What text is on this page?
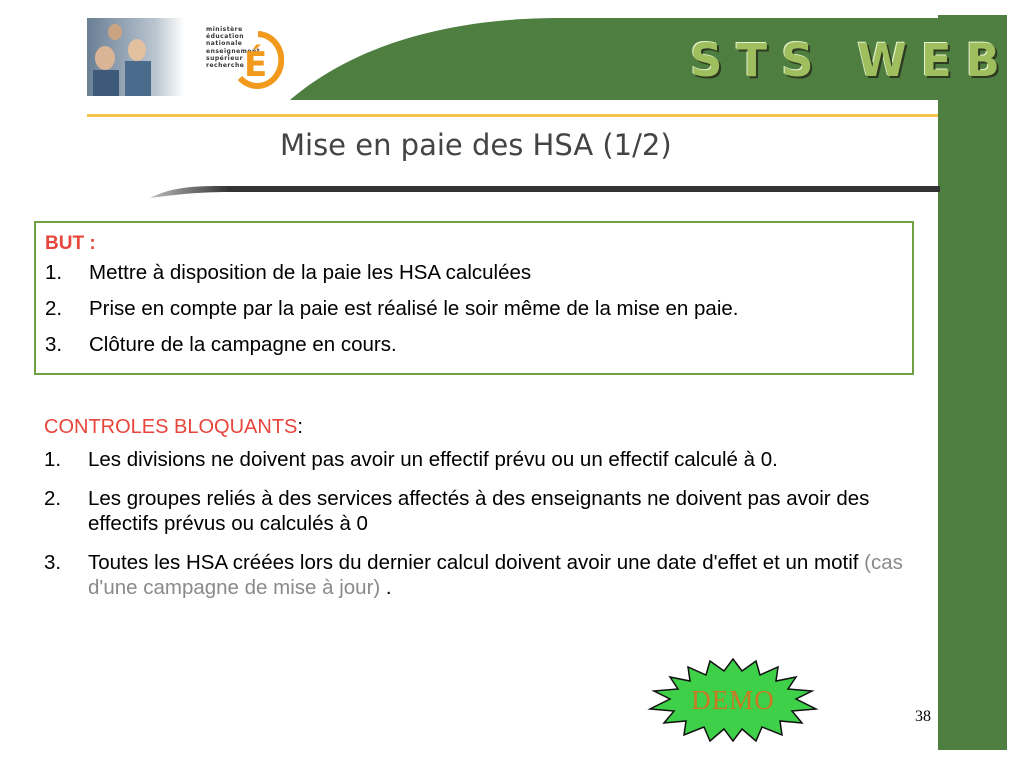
ministère
éducation
nationale
enseignement
supérieur
recherche É	STS WEB
Mise en paie des HSA (1/2)
BUT :
1. Mettre à disposition de la paie les HSA calculées
2. Prise en compte par la paie est réalisé le soir même de la mise en paie.
3. Clôture de la campagne en cours.
CONTROLES BLOQUANTS:
1. Les divisions ne doivent pas avoir un effectif prévu ou un effectif calculé à 0.
2. Les groupes reliés à des services affectés à des enseignants ne doivent pas avoir des effectifs prévus ou calculés à 0
3. Toutes les HSA créées lors du dernier calcul doivent avoir une date d'effet et un motif (cas d'une campagne de mise à jour) .
DEMO
38
